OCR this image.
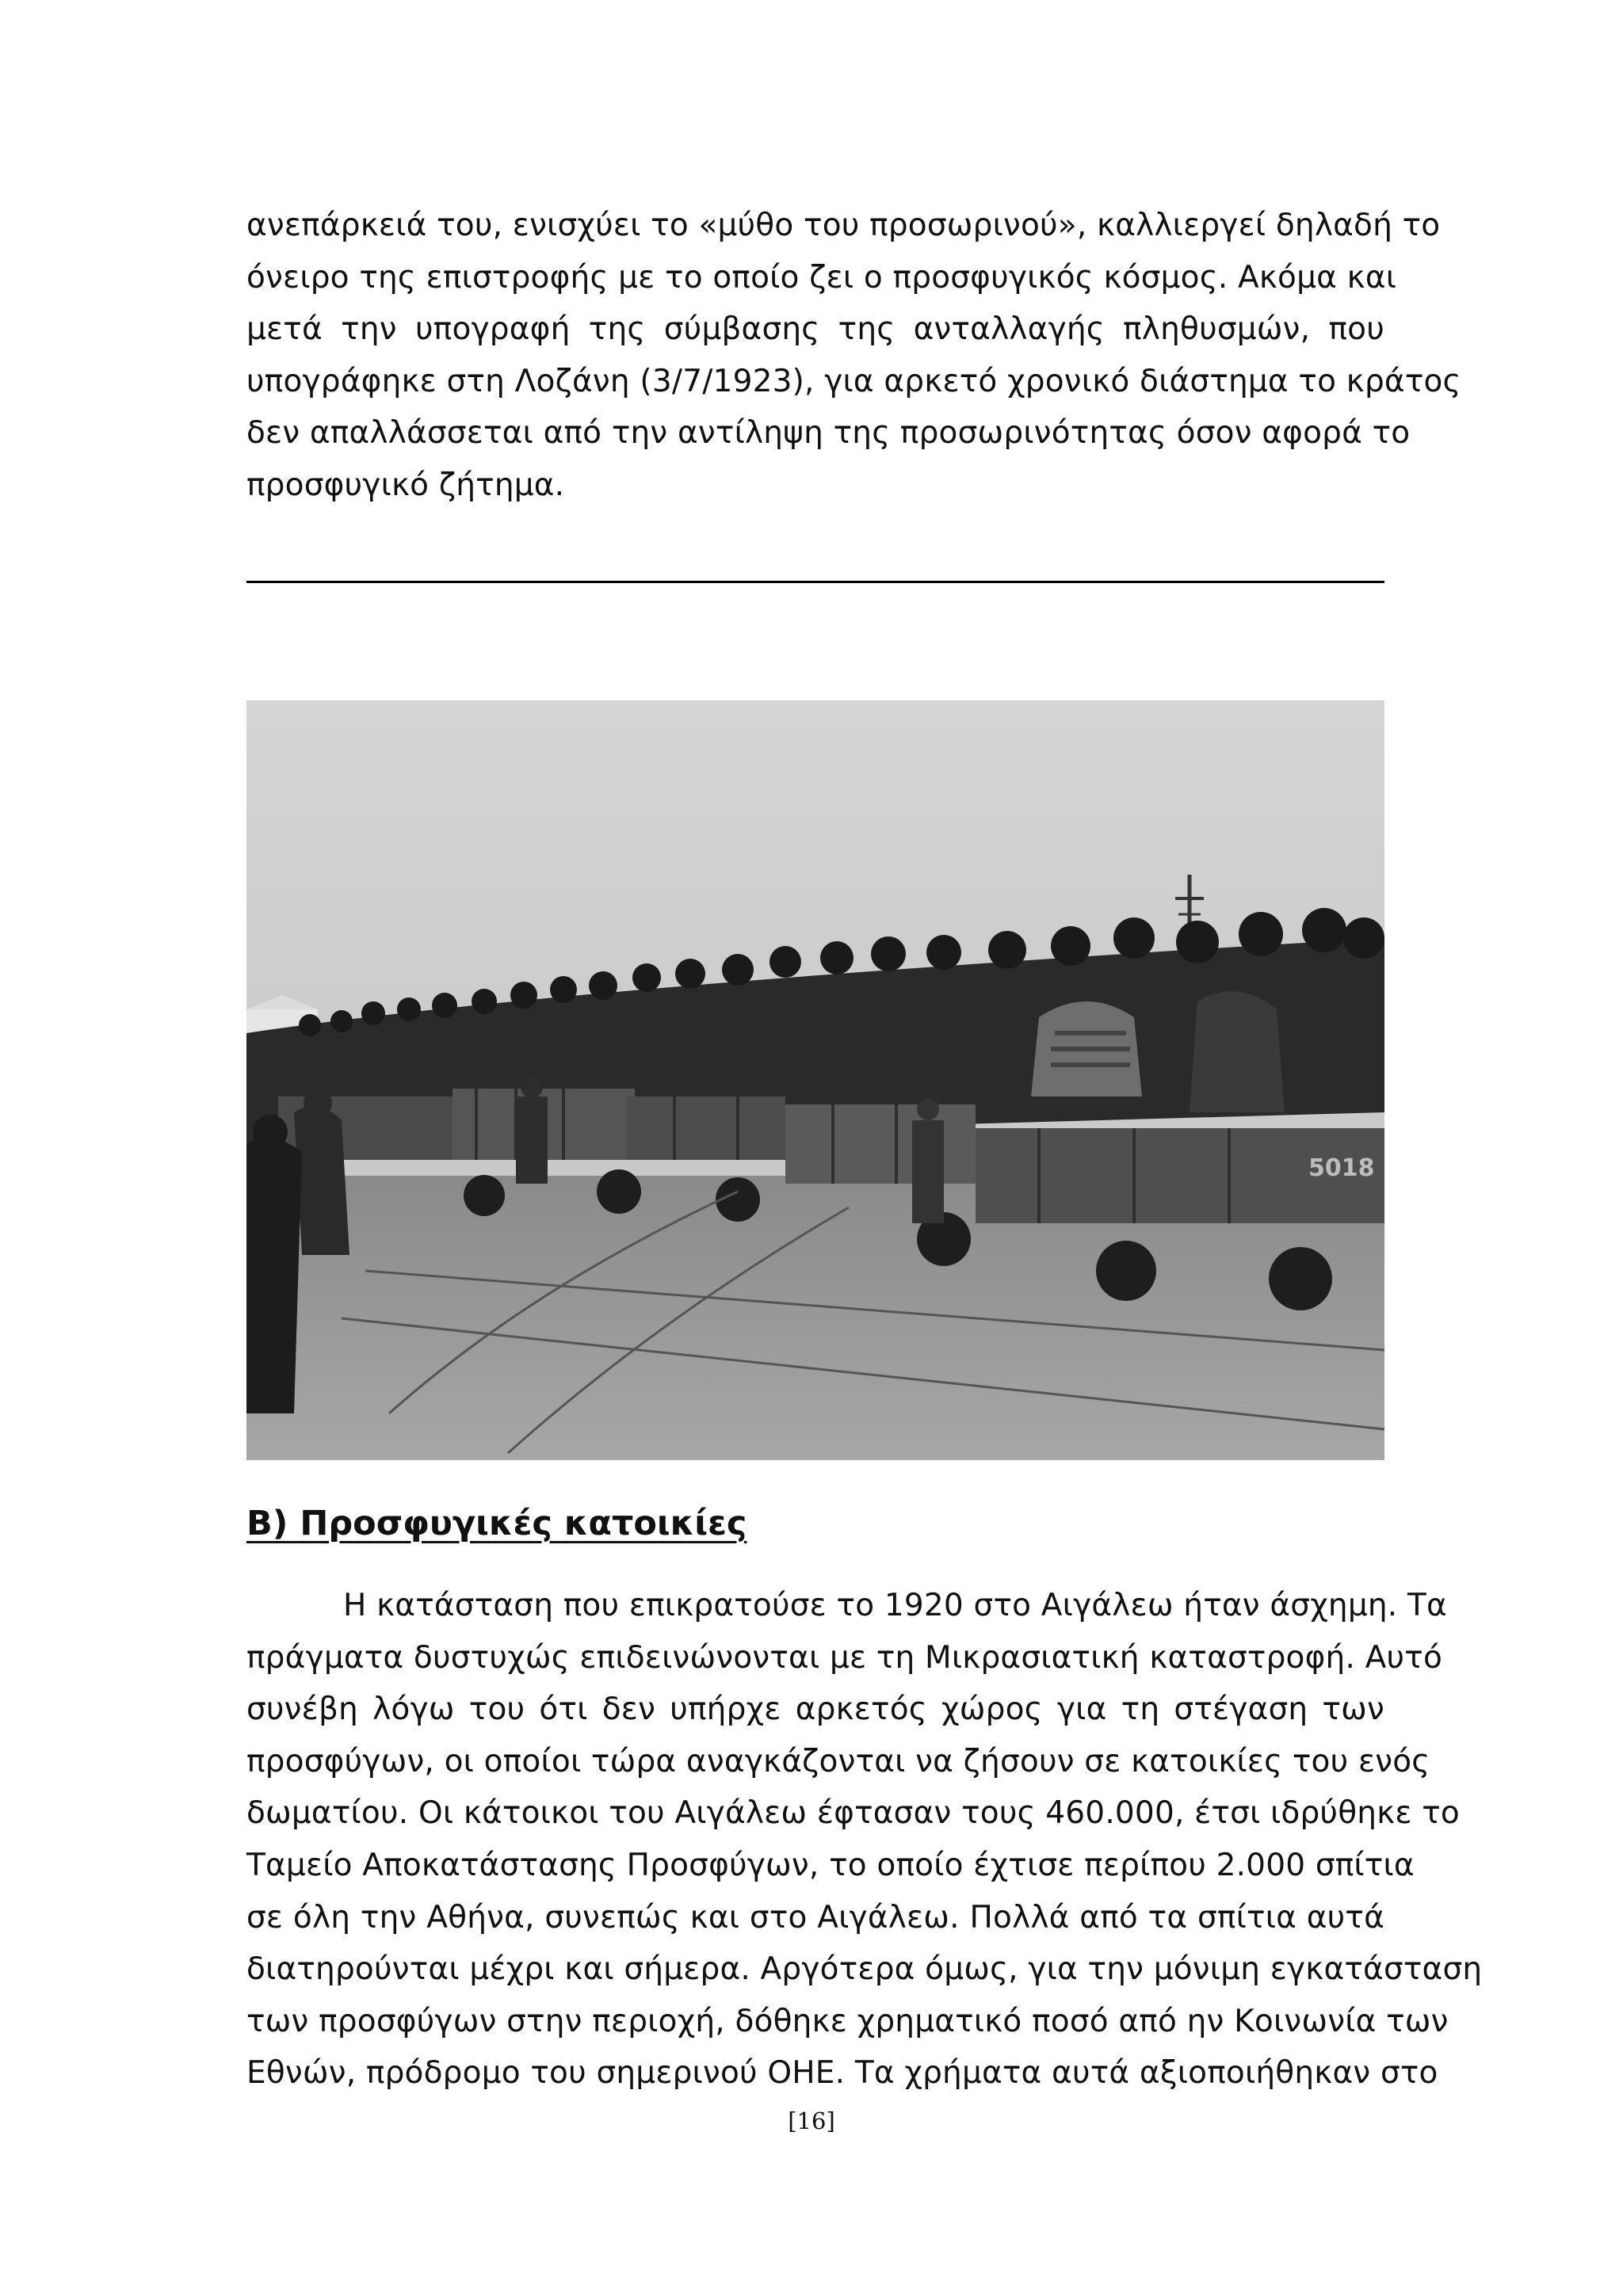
ανεπάρκειά του, ενισχύει το «μύθο του προσωρινού», καλλιεργεί δηλαδή το
όνειρο της επιστροφής με το οποίο ζει ο προσφυγικός κόσμος. Ακόμα και
μετά την υπογραφή της σύμβασης της ανταλλαγής πληθυσμών, που
υπογράφηκε στη Λοζάνη (3/7/1923), για αρκετό χρονικό διάστημα το κράτος
δεν απαλλάσσεται από την αντίληψη της προσωρινότητας όσον αφορά το
προσφυγικό ζήτημα.
5018
Β) Προσφυγικές κατοικίες
Η κατάσταση που επικρατούσε το 1920 στο Αιγάλεω ήταν άσχημη. Τα
πράγματα δυστυχώς επιδεινώνονται με τη Μικρασιατική καταστροφή. Αυτό
συνέβη λόγω του ότι δεν υπήρχε αρκετός χώρος για τη στέγαση των
προσφύγων, οι οποίοι τώρα αναγκάζονται να ζήσουν σε κατοικίες του ενός
δωματίου. Οι κάτοικοι του Αιγάλεω έφτασαν τους 460.000, έτσι ιδρύθηκε το
Ταμείο Αποκατάστασης Προσφύγων, το οποίο έχτισε περίπου 2.000 σπίτια
σε όλη την Αθήνα, συνεπώς και στο Αιγάλεω. Πολλά από τα σπίτια αυτά
διατηρούνται μέχρι και σήμερα. Αργότερα όμως, για την μόνιμη εγκατάσταση
των προσφύγων στην περιοχή, δόθηκε χρηματικό ποσό από ην Κοινωνία των
Εθνών, πρόδρομο του σημερινού ΟΗΕ. Τα χρήματα αυτά αξιοποιήθηκαν στο
[16]
